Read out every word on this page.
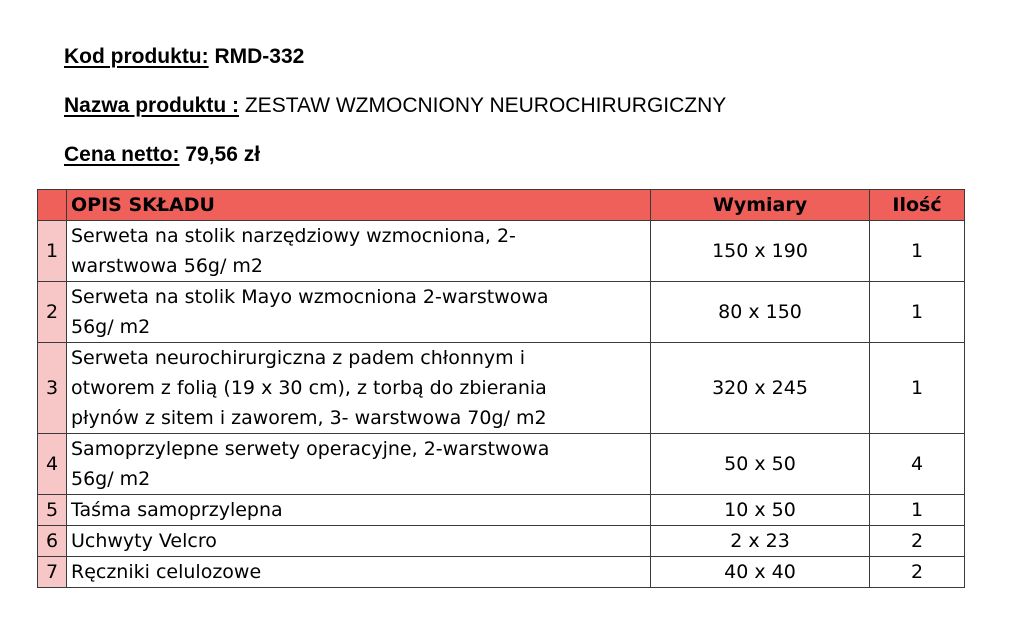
Kod produktu: RMD-332
Nazwa produktu : ZESTAW WZMOCNIONY NEUROCHIRURGICZNY
Cena netto: 79,56 zł
	OPIS SKŁADU	Wymiary	Ilość
1	Serweta na stolik narzędziowy wzmocniona, 2-
warstwowa 56g/ m2	150 x 190	1
2	Serweta na stolik Mayo wzmocniona 2-warstwowa
56g/ m2	80 x 150	1
3	Serweta neurochirurgiczna z padem chłonnym i
otworem z folią (19 x 30 cm), z torbą do zbierania
płynów z sitem i zaworem, 3- warstwowa 70g/ m2	320 x 245	1
4	Samoprzylepne serwety operacyjne, 2-warstwowa
56g/ m2	50 x 50	4
5	Taśma samoprzylepna	10 x 50	1
6	Uchwyty Velcro	2 x 23	2
7	Ręczniki celulozowe	40 x 40	2
